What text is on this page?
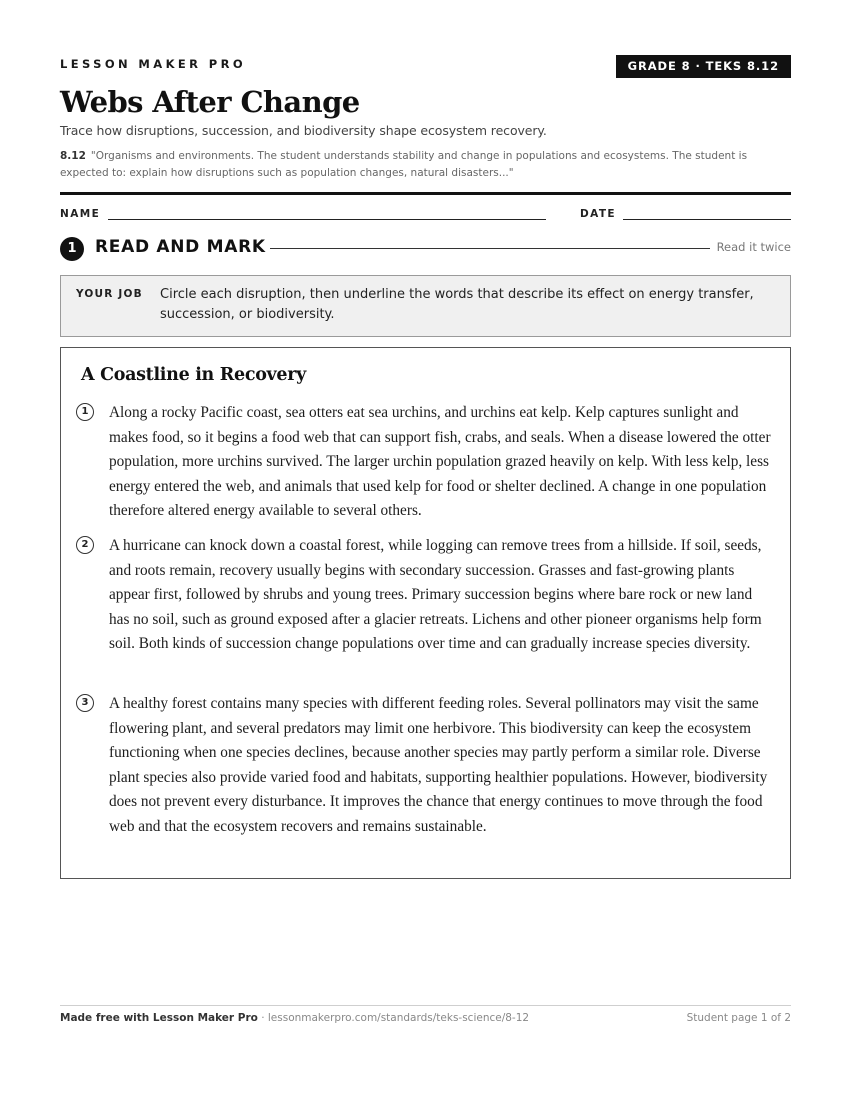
LESSON MAKER PRO	GRADE 8 · TEKS 8.12
Webs After Change
Trace how disruptions, succession, and biodiversity shape ecosystem recovery.
8.12 "Organisms and environments. The student understands stability and change in populations and ecosystems. The student is expected to: explain how disruptions such as population changes, natural disasters..."
NAME	DATE
1	READ AND MARK	Read it twice
YOUR JOB Circle each disruption, then underline the words that describe its effect on energy transfer, succession, or biodiversity.
A Coastline in Recovery
1	Along a rocky Pacific coast, sea otters eat sea urchins, and urchins eat kelp. Kelp captures sunlight and makes food, so it begins a food web that can support fish, crabs, and seals. When a disease lowered the otter population, more urchins survived. The larger urchin population grazed heavily on kelp. With less kelp, less energy entered the web, and animals that used kelp for food or shelter declined. A change in one population therefore altered energy available to several others.

2	A hurricane can knock down a coastal forest, while logging can remove trees from a hillside. If soil, seeds, and roots remain, recovery usually begins with secondary succession. Grasses and fast-growing plants appear first, followed by shrubs and young trees. Primary succession begins where bare rock or new land has no soil, such as ground exposed after a glacier retreats. Lichens and other pioneer organisms help form soil. Both kinds of succession change populations over time and can gradually increase species diversity.

3	A healthy forest contains many species with different feeding roles. Several pollinators may visit the same flowering plant, and several predators may limit one herbivore. This biodiversity can keep the ecosystem functioning when one species declines, because another species may partly perform a similar role. Diverse plant species also provide varied food and habitats, supporting healthier populations. However, biodiversity does not prevent every disturbance. It improves the chance that energy continues to move through the food web and that the ecosystem recovers and remains sustainable.

Made free with Lesson Maker Pro · lessonmakerpro.com/standards/teks-science/8-12	Student page 1 of 2
